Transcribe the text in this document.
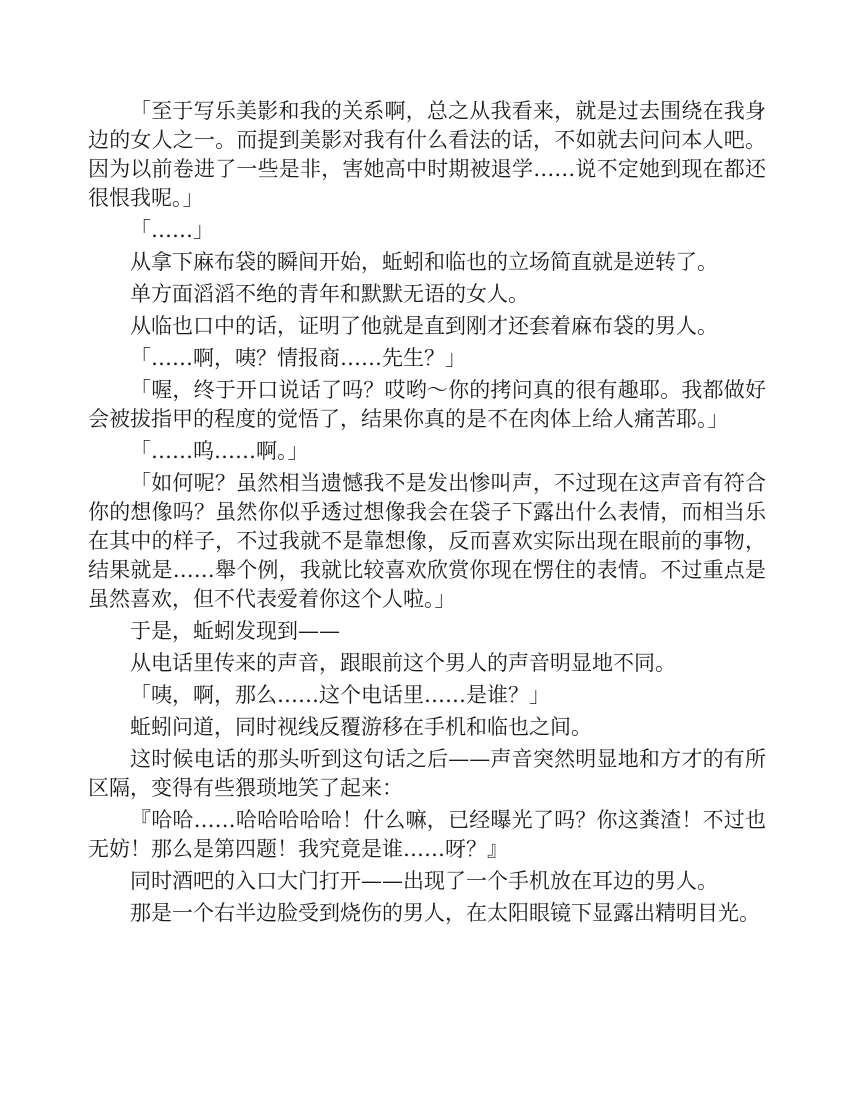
「至于写乐美影和我的关系啊，总之从我看来，就是过去围绕在我身边的女人之一。而提到美影对我有什么看法的话，不如就去问问本人吧。因为以前卷进了一些是非，害她高中时期被退学……说不定她到现在都还很恨我呢。」

「……」

从拿下麻布袋的瞬间开始，蚯蚓和临也的立场简直就是逆转了。

单方面滔滔不绝的青年和默默无语的女人。

从临也口中的话，证明了他就是直到刚才还套着麻布袋的男人。

「……啊，咦？情报商……先生？」

「喔，终于开口说话了吗？哎哟～你的拷问真的很有趣耶。我都做好会被拔指甲的程度的觉悟了，结果你真的是不在肉体上给人痛苦耶。」

「……呜……啊。」

「如何呢？虽然相当遗憾我不是发出惨叫声，不过现在这声音有符合你的想像吗？虽然你似乎透过想像我会在袋子下露出什么表情，而相当乐在其中的样子，不过我就不是靠想像，反而喜欢实际出现在眼前的事物，结果就是……舉个例，我就比较喜欢欣赏你现在愣住的表情。不过重点是虽然喜欢，但不代表爱着你这个人啦。」

于是，蚯蚓发现到——

从电话里传来的声音，跟眼前这个男人的声音明显地不同。

「咦，啊，那么……这个电话里……是谁？」

蚯蚓问道，同时视线反覆游移在手机和临也之间。

这时候电话的那头听到这句话之后——声音突然明显地和方才的有所区隔，变得有些猥琐地笑了起来：

『哈哈……哈哈哈哈哈！什么嘛，已经曝光了吗？你这粪渣！不过也无妨！那么是第四题！我究竟是谁……呀？』

同时酒吧的入口大门打开——出现了一个手机放在耳边的男人。

那是一个右半边脸受到烧伤的男人，在太阳眼镜下显露出精明目光。
